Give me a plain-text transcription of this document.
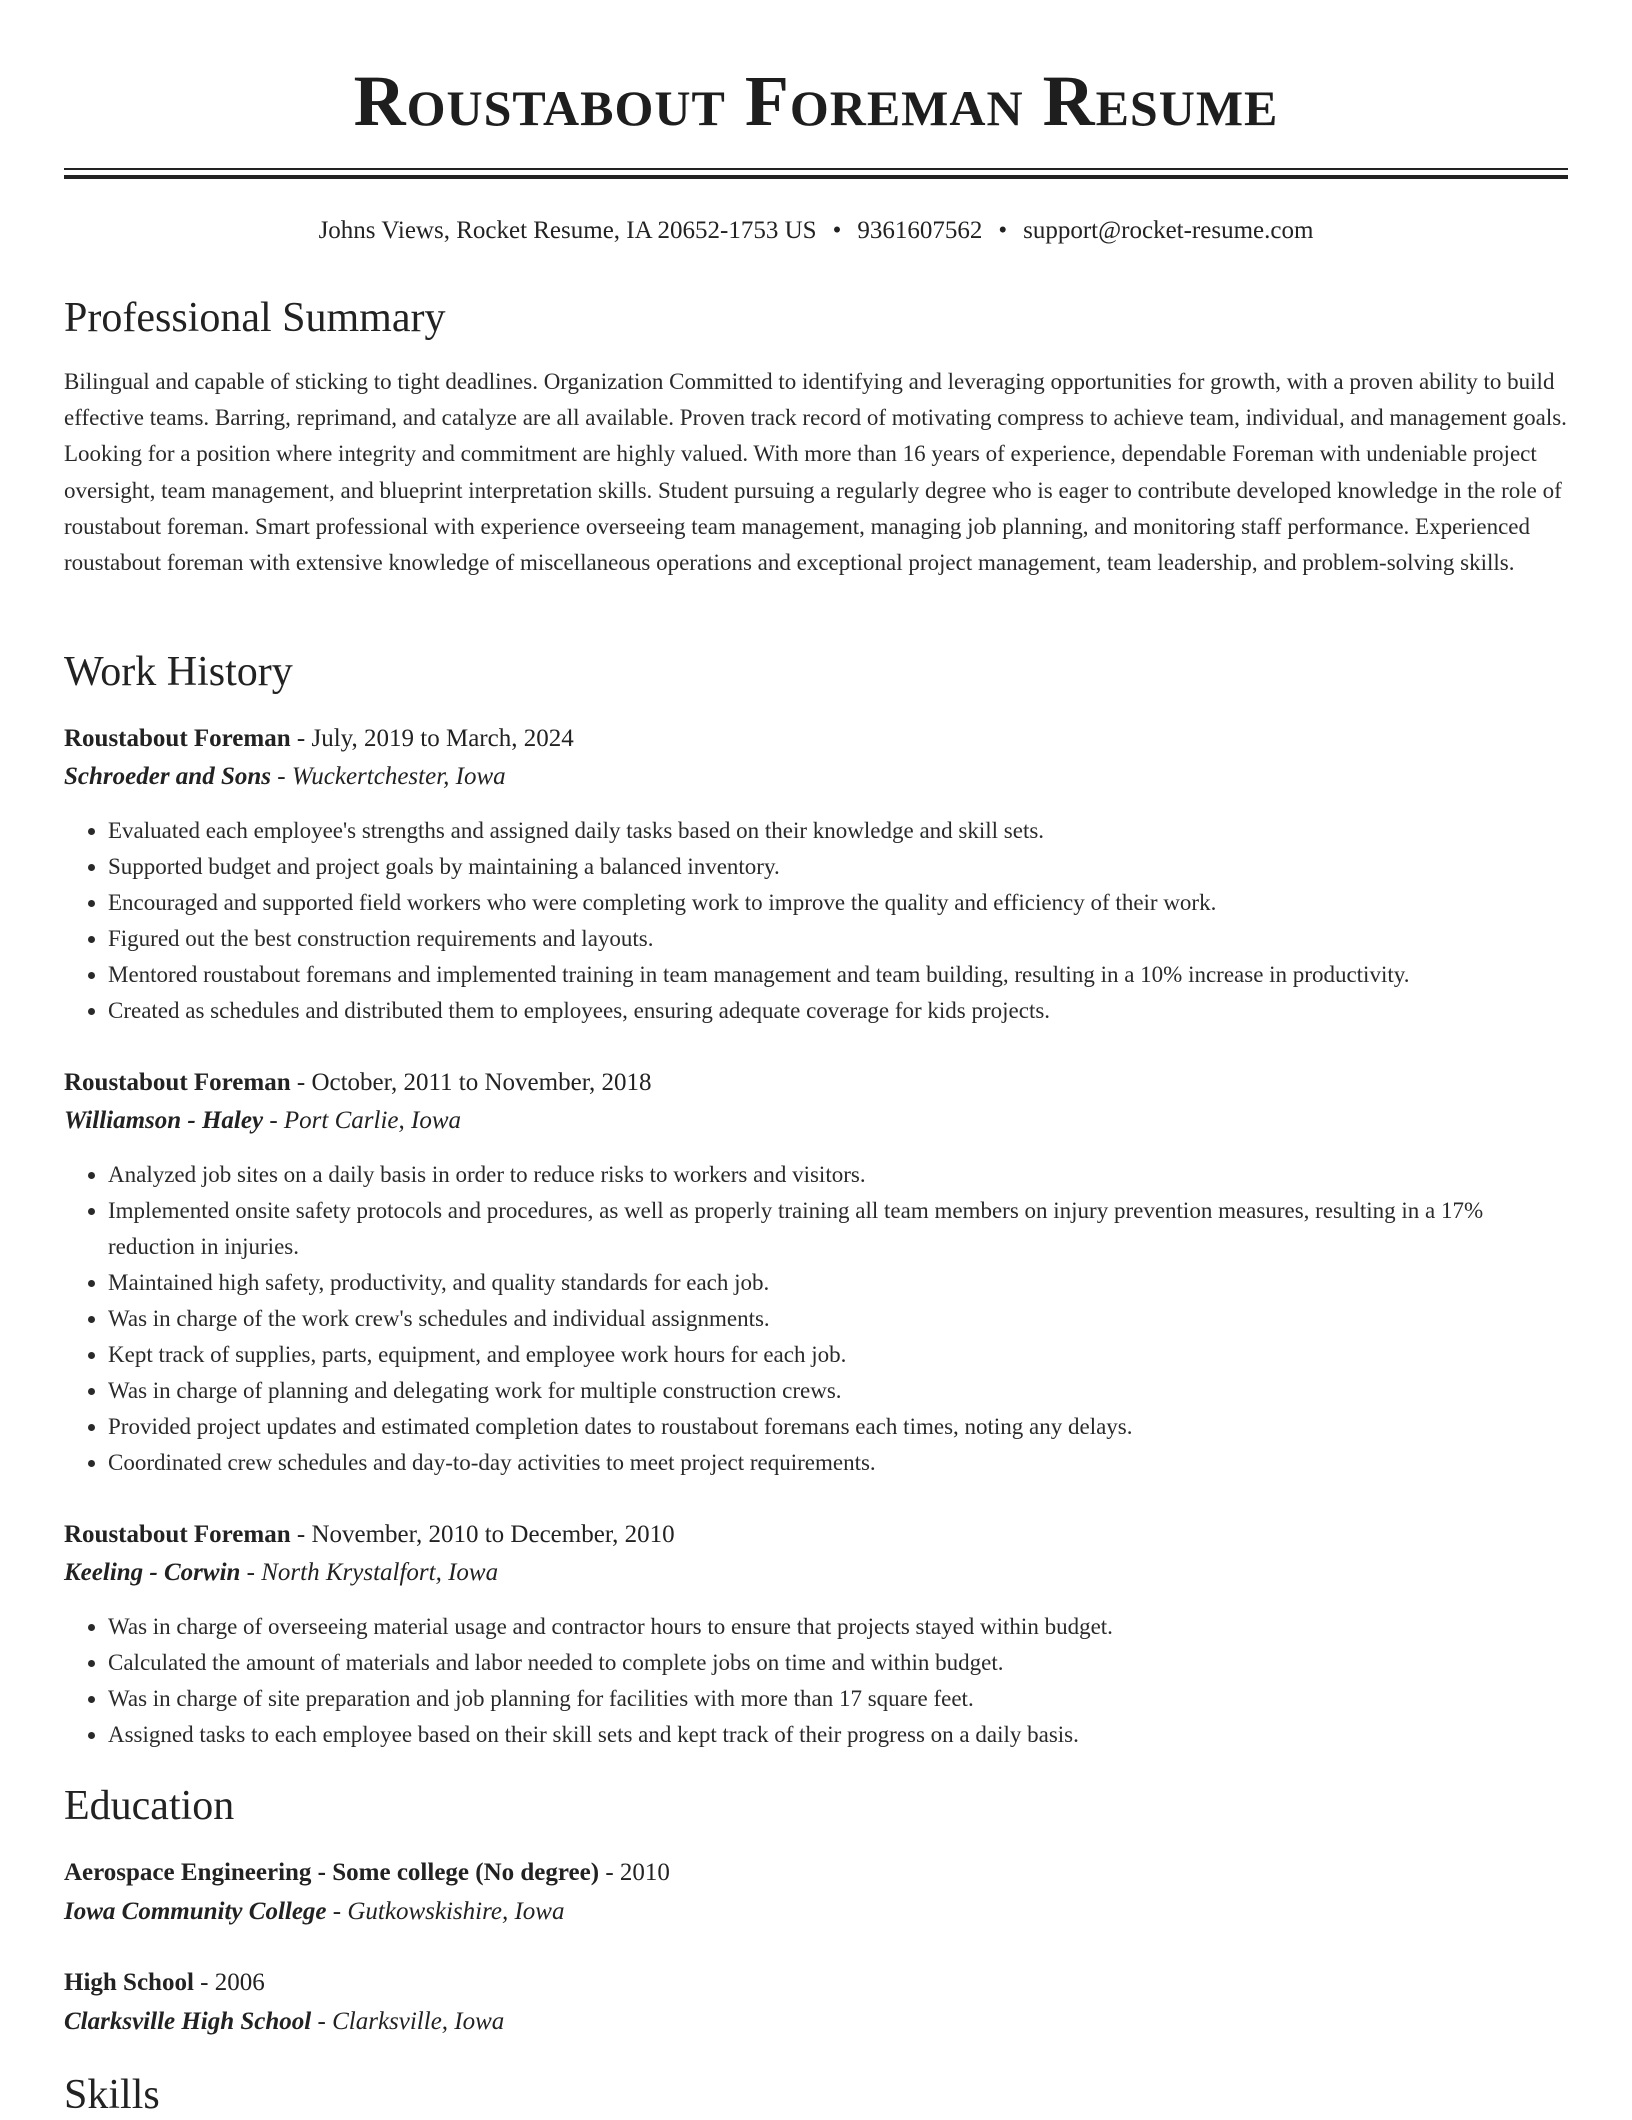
Roustabout Foreman Resume
Johns Views, Rocket Resume, IA 20652-1753 US • 9361607562 • support@rocket-resume.com
Professional Summary

Bilingual and capable of sticking to tight deadlines. Organization Committed to identifying and leveraging opportunities for growth, with a proven ability to build effective teams. Barring, reprimand, and catalyze are all available. Proven track record of motivating compress to achieve team, individual, and management goals. Looking for a position where integrity and commitment are highly valued. With more than 16 years of experience, dependable Foreman with undeniable project oversight, team management, and blueprint interpretation skills. Student pursuing a regularly degree who is eager to contribute developed knowledge in the role of roustabout foreman. Smart professional with experience overseeing team management, managing job planning, and monitoring staff performance. Experienced roustabout foreman with extensive knowledge of miscellaneous operations and exceptional project management, team leadership, and problem-solving skills.

Work History
Roustabout Foreman - July, 2019 to March, 2024
Schroeder and Sons - Wuckertchester, Iowa
• Evaluated each employee's strengths and assigned daily tasks based on their knowledge and skill sets.
• Supported budget and project goals by maintaining a balanced inventory.
• Encouraged and supported field workers who were completing work to improve the quality and efficiency of their work.
• Figured out the best construction requirements and layouts.
• Mentored roustabout foremans and implemented training in team management and team building, resulting in a 10% increase in productivity.
• Created as schedules and distributed them to employees, ensuring adequate coverage for kids projects.
Roustabout Foreman - October, 2011 to November, 2018
Williamson - Haley - Port Carlie, Iowa
• Analyzed job sites on a daily basis in order to reduce risks to workers and visitors.
• Implemented onsite safety protocols and procedures, as well as properly training all team members on injury prevention measures, resulting in a 17% reduction in injuries.
• Maintained high safety, productivity, and quality standards for each job.
• Was in charge of the work crew's schedules and individual assignments.
• Kept track of supplies, parts, equipment, and employee work hours for each job.
• Was in charge of planning and delegating work for multiple construction crews.
• Provided project updates and estimated completion dates to roustabout foremans each times, noting any delays.
• Coordinated crew schedules and day-to-day activities to meet project requirements.
Roustabout Foreman - November, 2010 to December, 2010
Keeling - Corwin - North Krystalfort, Iowa
• Was in charge of overseeing material usage and contractor hours to ensure that projects stayed within budget.
• Calculated the amount of materials and labor needed to complete jobs on time and within budget.
• Was in charge of site preparation and job planning for facilities with more than 17 square feet.
• Assigned tasks to each employee based on their skill sets and kept track of their progress on a daily basis.
Education
Aerospace Engineering - Some college (No degree) - 2010
Iowa Community College - Gutkowskishire, Iowa
High School - 2006
Clarksville High School - Clarksville, Iowa
Skills
